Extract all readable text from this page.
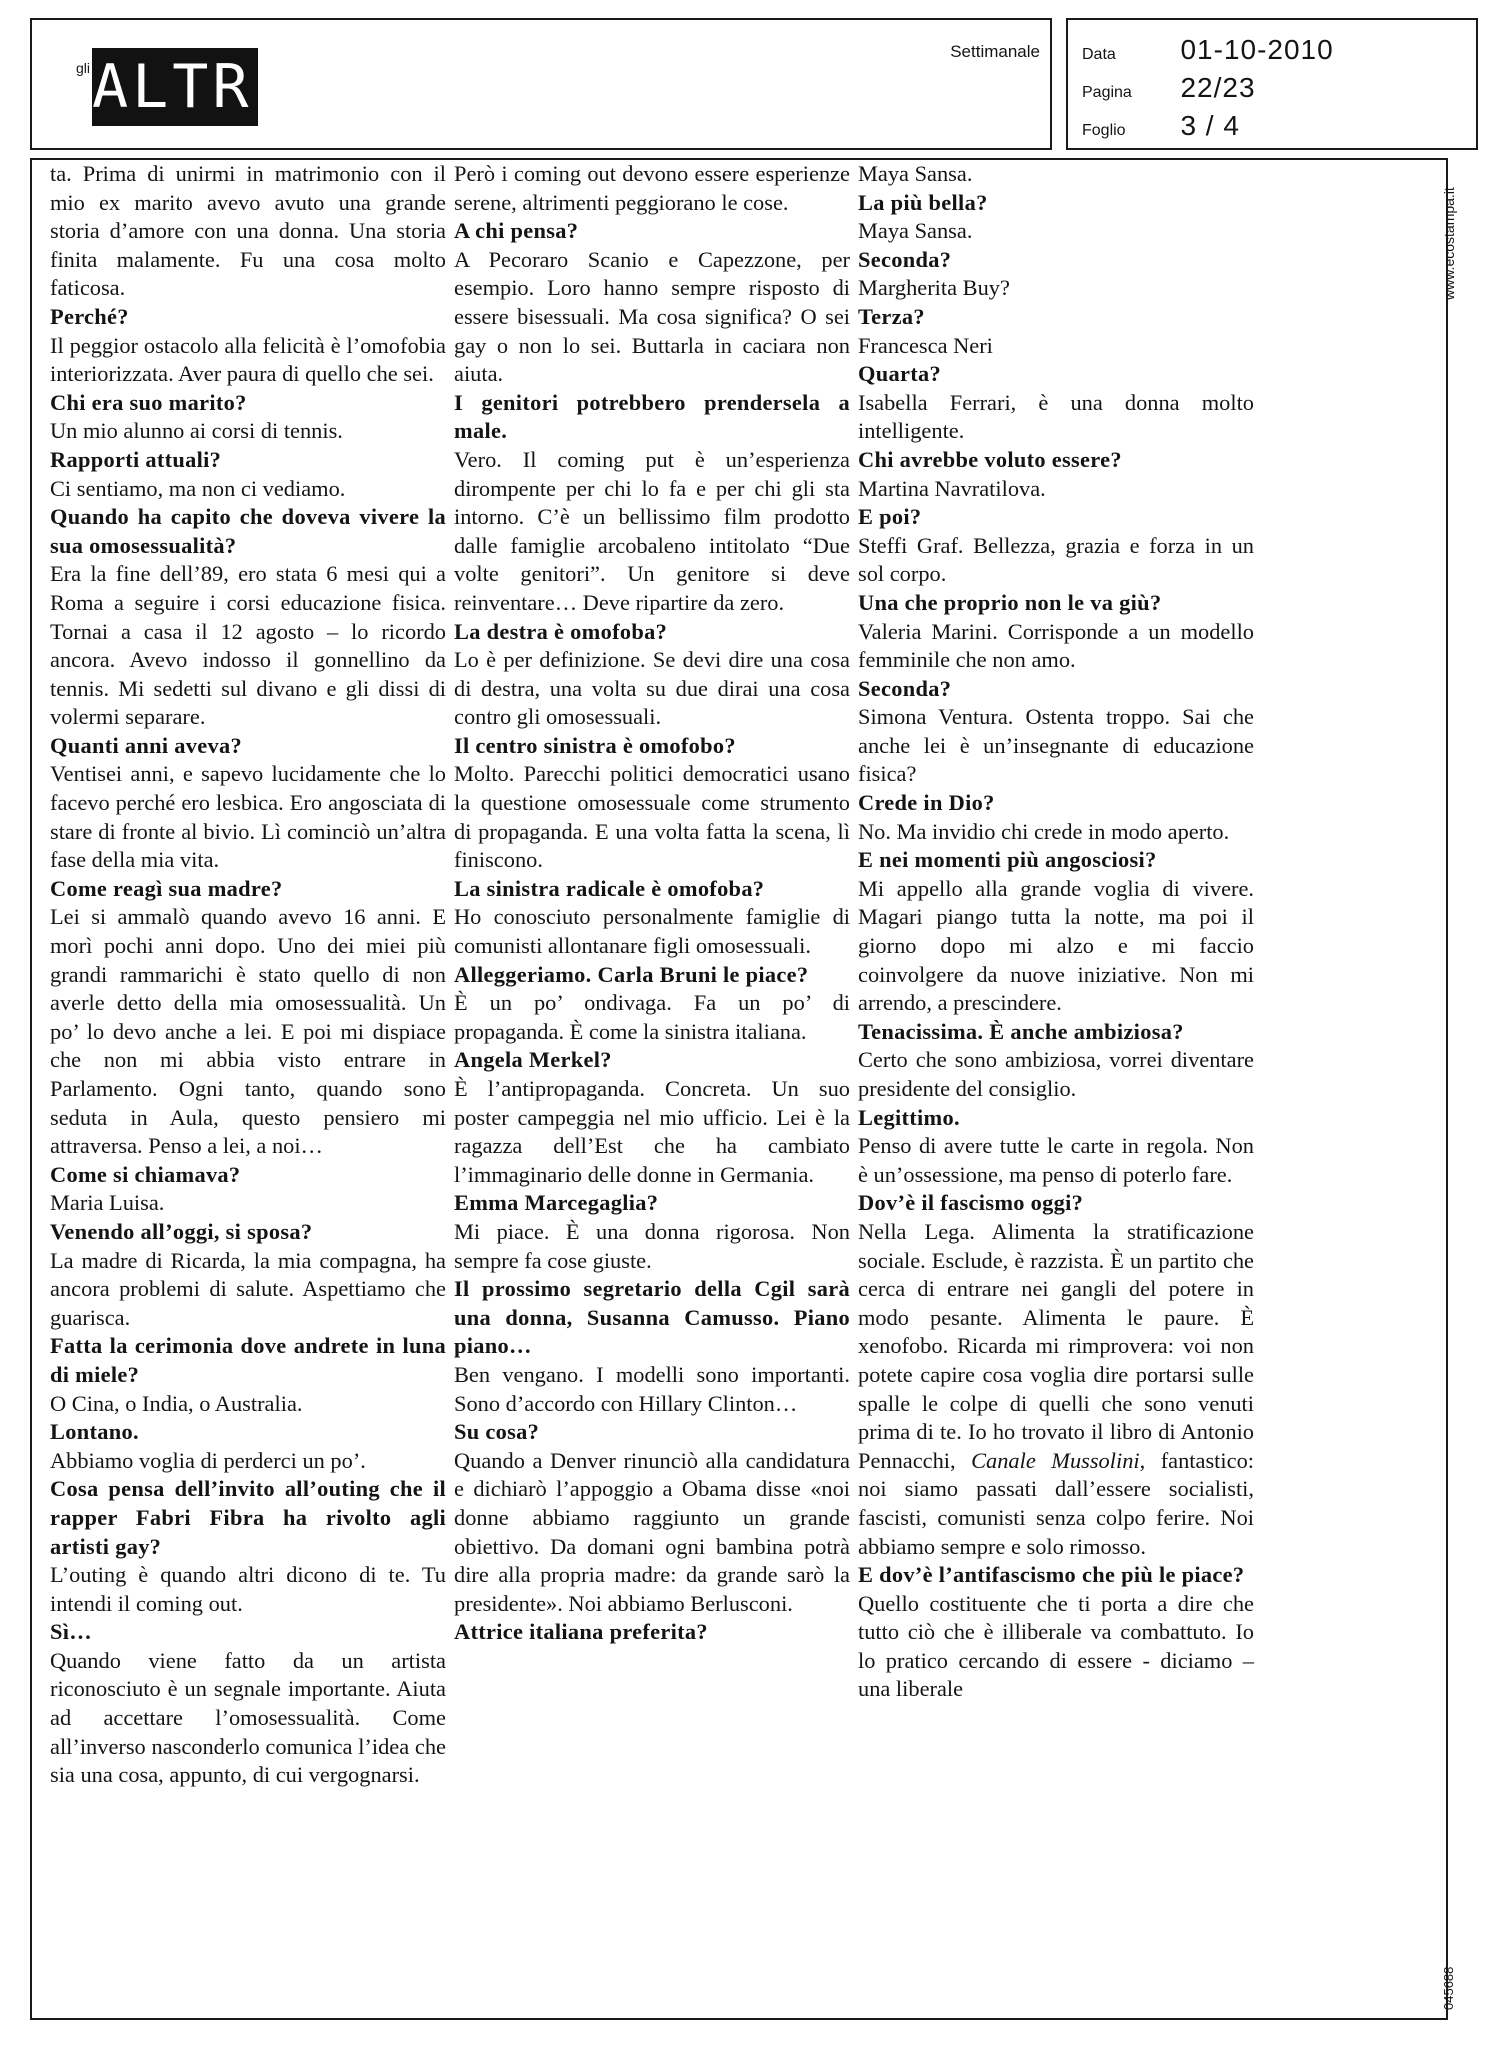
gli ALTRI
Settimanale	Data 01-10-2010
Pagina 22/23
Foglio 3 / 4

ta. Prima di unirmi in matrimonio con il mio ex marito avevo avuto una grande storia d’amore con una donna. Una storia finita malamente. Fu una cosa molto faticosa.

Perché?

Il peggior ostacolo alla felicità è l’omofobia interiorizzata. Aver paura di quello che sei.

Chi era suo marito?

Un mio alunno ai corsi di tennis.

Rapporti attuali?

Ci sentiamo, ma non ci vediamo.

Quando ha capito che doveva vivere la sua omosessualità?

Era la fine dell’89, ero stata 6 mesi qui a Roma a seguire i corsi educazione fisica. Tornai a casa il 12 agosto – lo ricordo ancora. Avevo indosso il gonnellino da tennis. Mi sedetti sul divano e gli dissi di volermi separare.

Quanti anni aveva?

Ventisei anni, e sapevo lucidamente che lo facevo perché ero lesbica. Ero angosciata di stare di fronte al bivio. Lì cominciò un’altra fase della mia vita.

Come reagì sua madre?

Lei si ammalò quando avevo 16 anni. E morì pochi anni dopo. Uno dei miei più grandi rammarichi è stato quello di non averle detto della mia omosessualità. Un po’ lo devo anche a lei. E poi mi dispiace che non mi abbia visto entrare in Parlamento. Ogni tanto, quando sono seduta in Aula, questo pensiero mi attraversa. Penso a lei, a noi…

Come si chiamava?

Maria Luisa.

Venendo all’oggi, si sposa?

La madre di Ricarda, la mia compagna, ha ancora problemi di salute. Aspettiamo che guarisca.

Fatta la cerimonia dove andrete in luna di miele?

O Cina, o India, o Australia.

Lontano.

Abbiamo voglia di perderci un po’.

Cosa pensa dell’invito all’outing che il rapper Fabri Fibra ha rivolto agli artisti gay?

L’outing è quando altri dicono di te. Tu intendi il coming out.

Sì…

Quando viene fatto da un artista riconosciuto è un segnale importante. Aiuta ad accettare l’omosessualità. Come all’inverso nasconderlo comunica l’idea che sia una cosa, appunto, di cui vergognarsi.

Però i coming out devono essere esperienze serene, altrimenti peggiorano le cose.

A chi pensa?

A Pecoraro Scanio e Capezzone, per esempio. Loro hanno sempre risposto di essere bisessuali. Ma cosa significa? O sei gay o non lo sei. Buttarla in caciara non aiuta.

I genitori potrebbero prendersela a male.

Vero. Il coming put è un’esperienza dirompente per chi lo fa e per chi gli sta intorno. C’è un bellissimo film prodotto dalle famiglie arcobaleno intitolato “Due volte genitori”. Un genitore si deve reinventare… Deve ripartire da zero.

La destra è omofoba?

Lo è per definizione. Se devi dire una cosa di destra, una volta su due dirai una cosa contro gli omosessuali.

Il centro sinistra è omofobo?

Molto. Parecchi politici democratici usano la questione omosessuale come strumento di propaganda. E una volta fatta la scena, lì finiscono.

La sinistra radicale è omofoba?

Ho conosciuto personalmente famiglie di comunisti allontanare figli omosessuali.

Alleggeriamo. Carla Bruni le piace?

È un po’ ondivaga. Fa un po’ di propaganda. È come la sinistra italiana.

Angela Merkel?

È l’antipropaganda. Concreta. Un suo poster campeggia nel mio ufficio. Lei è la ragazza dell’Est che ha cambiato l’immaginario delle donne in Germania.

Emma Marcegaglia?

Mi piace. È una donna rigorosa. Non sempre fa cose giuste.

Il prossimo segretario della Cgil sarà una donna, Susanna Camusso. Piano piano…

Ben vengano. I modelli sono importanti. Sono d’accordo con Hillary Clinton…

Su cosa?

Quando a Denver rinunciò alla candidatura e dichiarò l’appoggio a Obama disse «noi donne abbiamo raggiunto un grande obiettivo. Da domani ogni bambina potrà dire alla propria madre: da grande sarò la presidente». Noi abbiamo Berlusconi.

Attrice italiana preferita?

Maya Sansa.

La più bella?

Maya Sansa.

Seconda?

Margherita Buy?

Terza?

Francesca Neri

Quarta?

Isabella Ferrari, è una donna molto intelligente.

Chi avrebbe voluto essere?

Martina Navratilova.

E poi?

Steffi Graf. Bellezza, grazia e forza in un sol corpo.

Una che proprio non le va giù?

Valeria Marini. Corrisponde a un modello femminile che non amo.

Seconda?

Simona Ventura. Ostenta troppo. Sai che anche lei è un’insegnante di educazione fisica?

Crede in Dio?

No. Ma invidio chi crede in modo aperto.

E nei momenti più angosciosi?

Mi appello alla grande voglia di vivere. Magari piango tutta la notte, ma poi il giorno dopo mi alzo e mi faccio coinvolgere da nuove iniziative. Non mi arrendo, a prescindere.

Tenacissima. È anche ambiziosa?

Certo che sono ambiziosa, vorrei diventare presidente del consiglio.

Legittimo.

Penso di avere tutte le carte in regola. Non è un’ossessione, ma penso di poterlo fare.

Dov’è il fascismo oggi?

Nella Lega. Alimenta la stratificazione sociale. Esclude, è razzista. È un partito che cerca di entrare nei gangli del potere in modo pesante. Alimenta le paure. È xenofobo. Ricarda mi rimprovera: voi non potete capire cosa voglia dire portarsi sulle spalle le colpe di quelli che sono venuti prima di te. Io ho trovato il libro di Antonio Pennacchi, Canale Mussolini, fantastico: noi siamo passati dall’essere socialisti, fascisti, comunisti senza colpo ferire. Noi abbiamo sempre e solo rimosso.

E dov’è l’antifascismo che più le piace?

Quello costituente che ti porta a dire che tutto ciò che è illiberale va combattuto. Io lo pratico cercando di essere - diciamo – una liberale

www.ecostampa.it
045688
